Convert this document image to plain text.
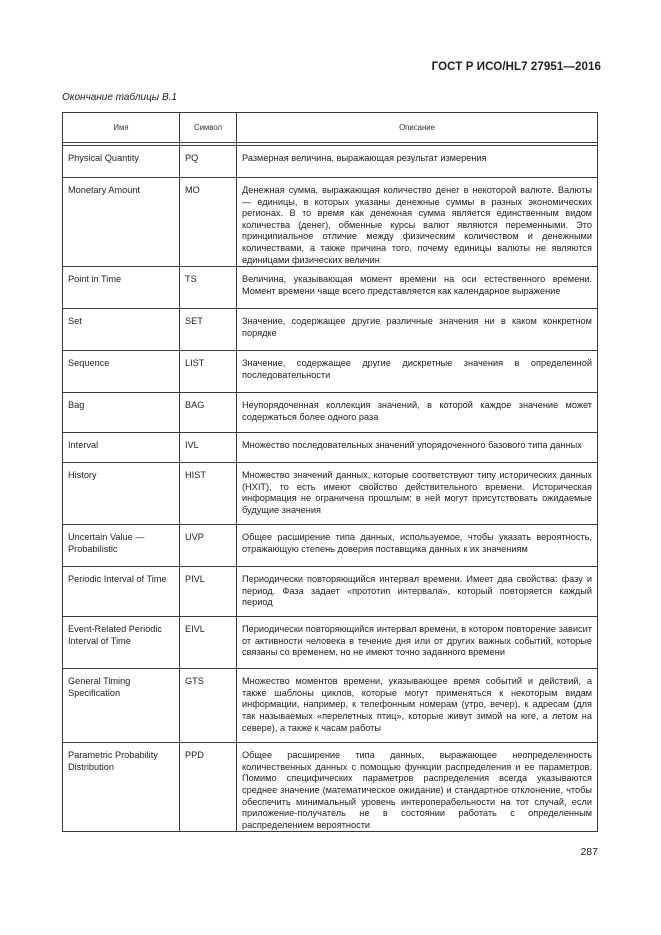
ГОСТ Р ИСО/HL7 27951—2016
Окончание таблицы В.1
Имя	Символ	Описание

Physical Quantity	PQ	Размерная величина, выражающая результат измерения
Monetary Amount	MO	Денежная сумма, выражающая количество денег в некоторой валюте. Валюты — единицы, в которых указаны денежные суммы в разных экономических регионах. В то время как денежная сумма является единственным видом количества (денег), обменные курсы валют являются переменными. Это принципиальное отличие между физическим количеством и денежными количествами, а также причина того, почему единицы валюты не являются единицами физических величин
Point in Time	TS	Величина, указывающая момент времени на оси естественного времени. Момент времени чаще всего представляется как календарное выражение
Set	SET	Значение, содержащее другие различные значения ни в каком конкретном порядке
Sequence	LIST	Значение, содержащее другие дискретные значения в определенной последовательности
Bag	BAG	Неупорядоченная коллекция значений, в которой каждое значение может содержаться более одного раза
Interval	IVL	Множество последовательных значений упорядоченного базового типа данных
History	HIST	Множество значений данных, которые соответствуют типу исторических данных (HXIT), то есть имеют свойство действительного времени. Историческая информация не ограничена прошлым; в ней могут присутствовать ожидаемые будущие значения
Uncertain Value — Probabilistic	UVP	Общее расширение типа данных, используемое, чтобы указать вероятность, отражающую степень доверия поставщика данных к их значениям
Periodic Interval of Time	PIVL	Периодически повторяющийся интервал времени. Имеет два свойства: фазу и период. Фаза задает «прототип интервала», который повторяется каждый период
Event-Related Periodic Interval of Time	EIVL	Периодически повторяющийся интервал времени, в котором повторение зависит от активности человека в течение дня или от других важных событий, которые связаны со временем, но не имеют точно заданного времени
General Timing Specification	GTS	Множество моментов времени, указывающее время событий и действий, а также шаблоны циклов, которые могут применяться к некоторым видам информации, например, к телефонным номерам (утро, вечер), к адресам (для так называемых «перелетных птиц», которые живут зимой на юге, а летом на севере), а также к часам работы
Parametric Probability Distribution	PPD	Общее расширение типа данных, выражающее неопределенность количественных данных с помощью функции распределения и ее параметров. Помимо специфических параметров распределения всегда указываются среднее значение (математическое ожидание) и стандартное отклонение, чтобы обеспечить минимальный уровень интероперабельности на тот случай, если приложение-получатель не в состоянии работать с определенным распределением вероятности
287
